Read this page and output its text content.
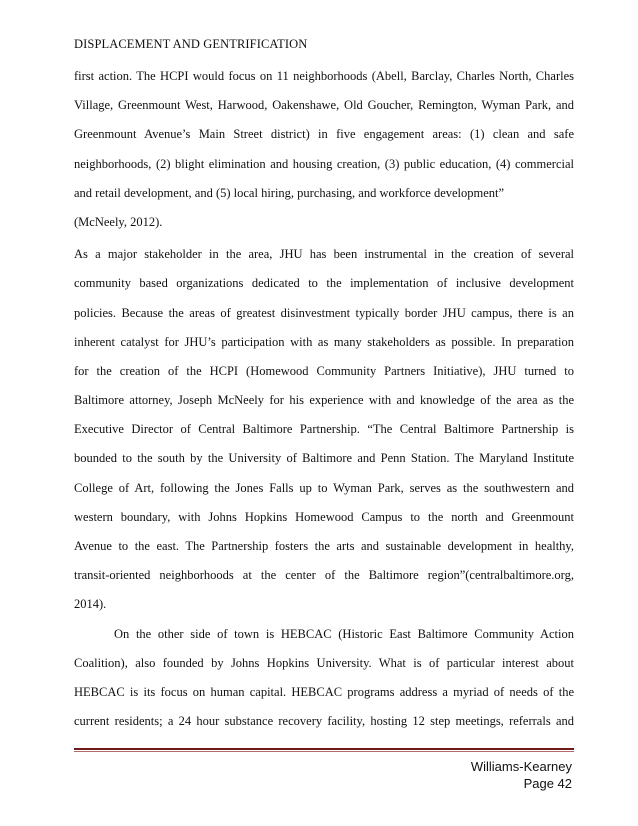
DISPLACEMENT AND GENTRIFICATION
first action. The HCPI would focus on 11 neighborhoods (Abell, Barclay, Charles North, Charles
Village, Greenmount West, Harwood, Oakenshawe, Old Goucher, Remington, Wyman Park, and
Greenmount Avenue’s Main Street district) in five engagement areas: (1) clean and safe
neighborhoods, (2) blight elimination and housing creation, (3) public education, (4) commercial
and retail development, and (5) local hiring, purchasing, and workforce development”
(McNeely, 2012).
As a major stakeholder in the area, JHU has been instrumental in the creation of several
community based organizations dedicated to the implementation of inclusive development
policies. Because the areas of greatest disinvestment typically border JHU campus, there is an
inherent catalyst for JHU’s participation with as many stakeholders as possible. In preparation
for the creation of the HCPI (Homewood Community Partners Initiative), JHU turned to
Baltimore attorney, Joseph McNeely for his experience with and knowledge of the area as the
Executive Director of Central Baltimore Partnership. “The Central Baltimore Partnership is
bounded to the south by the University of Baltimore and Penn Station. The Maryland Institute
College of Art, following the Jones Falls up to Wyman Park, serves as the southwestern and
western boundary, with Johns Hopkins Homewood Campus to the north and Greenmount
Avenue to the east. The Partnership fosters the arts and sustainable development in healthy,
transit-oriented neighborhoods at the center of the Baltimore region”(centralbaltimore.org,
2014).
On the other side of town is HEBCAC (Historic East Baltimore Community Action
Coalition), also founded by Johns Hopkins University. What is of particular interest about
HEBCAC is its focus on human capital. HEBCAC programs address a myriad of needs of the
current residents; a 24 hour substance recovery facility, hosting 12 step meetings, referrals and
Williams-Kearney
Page 42
